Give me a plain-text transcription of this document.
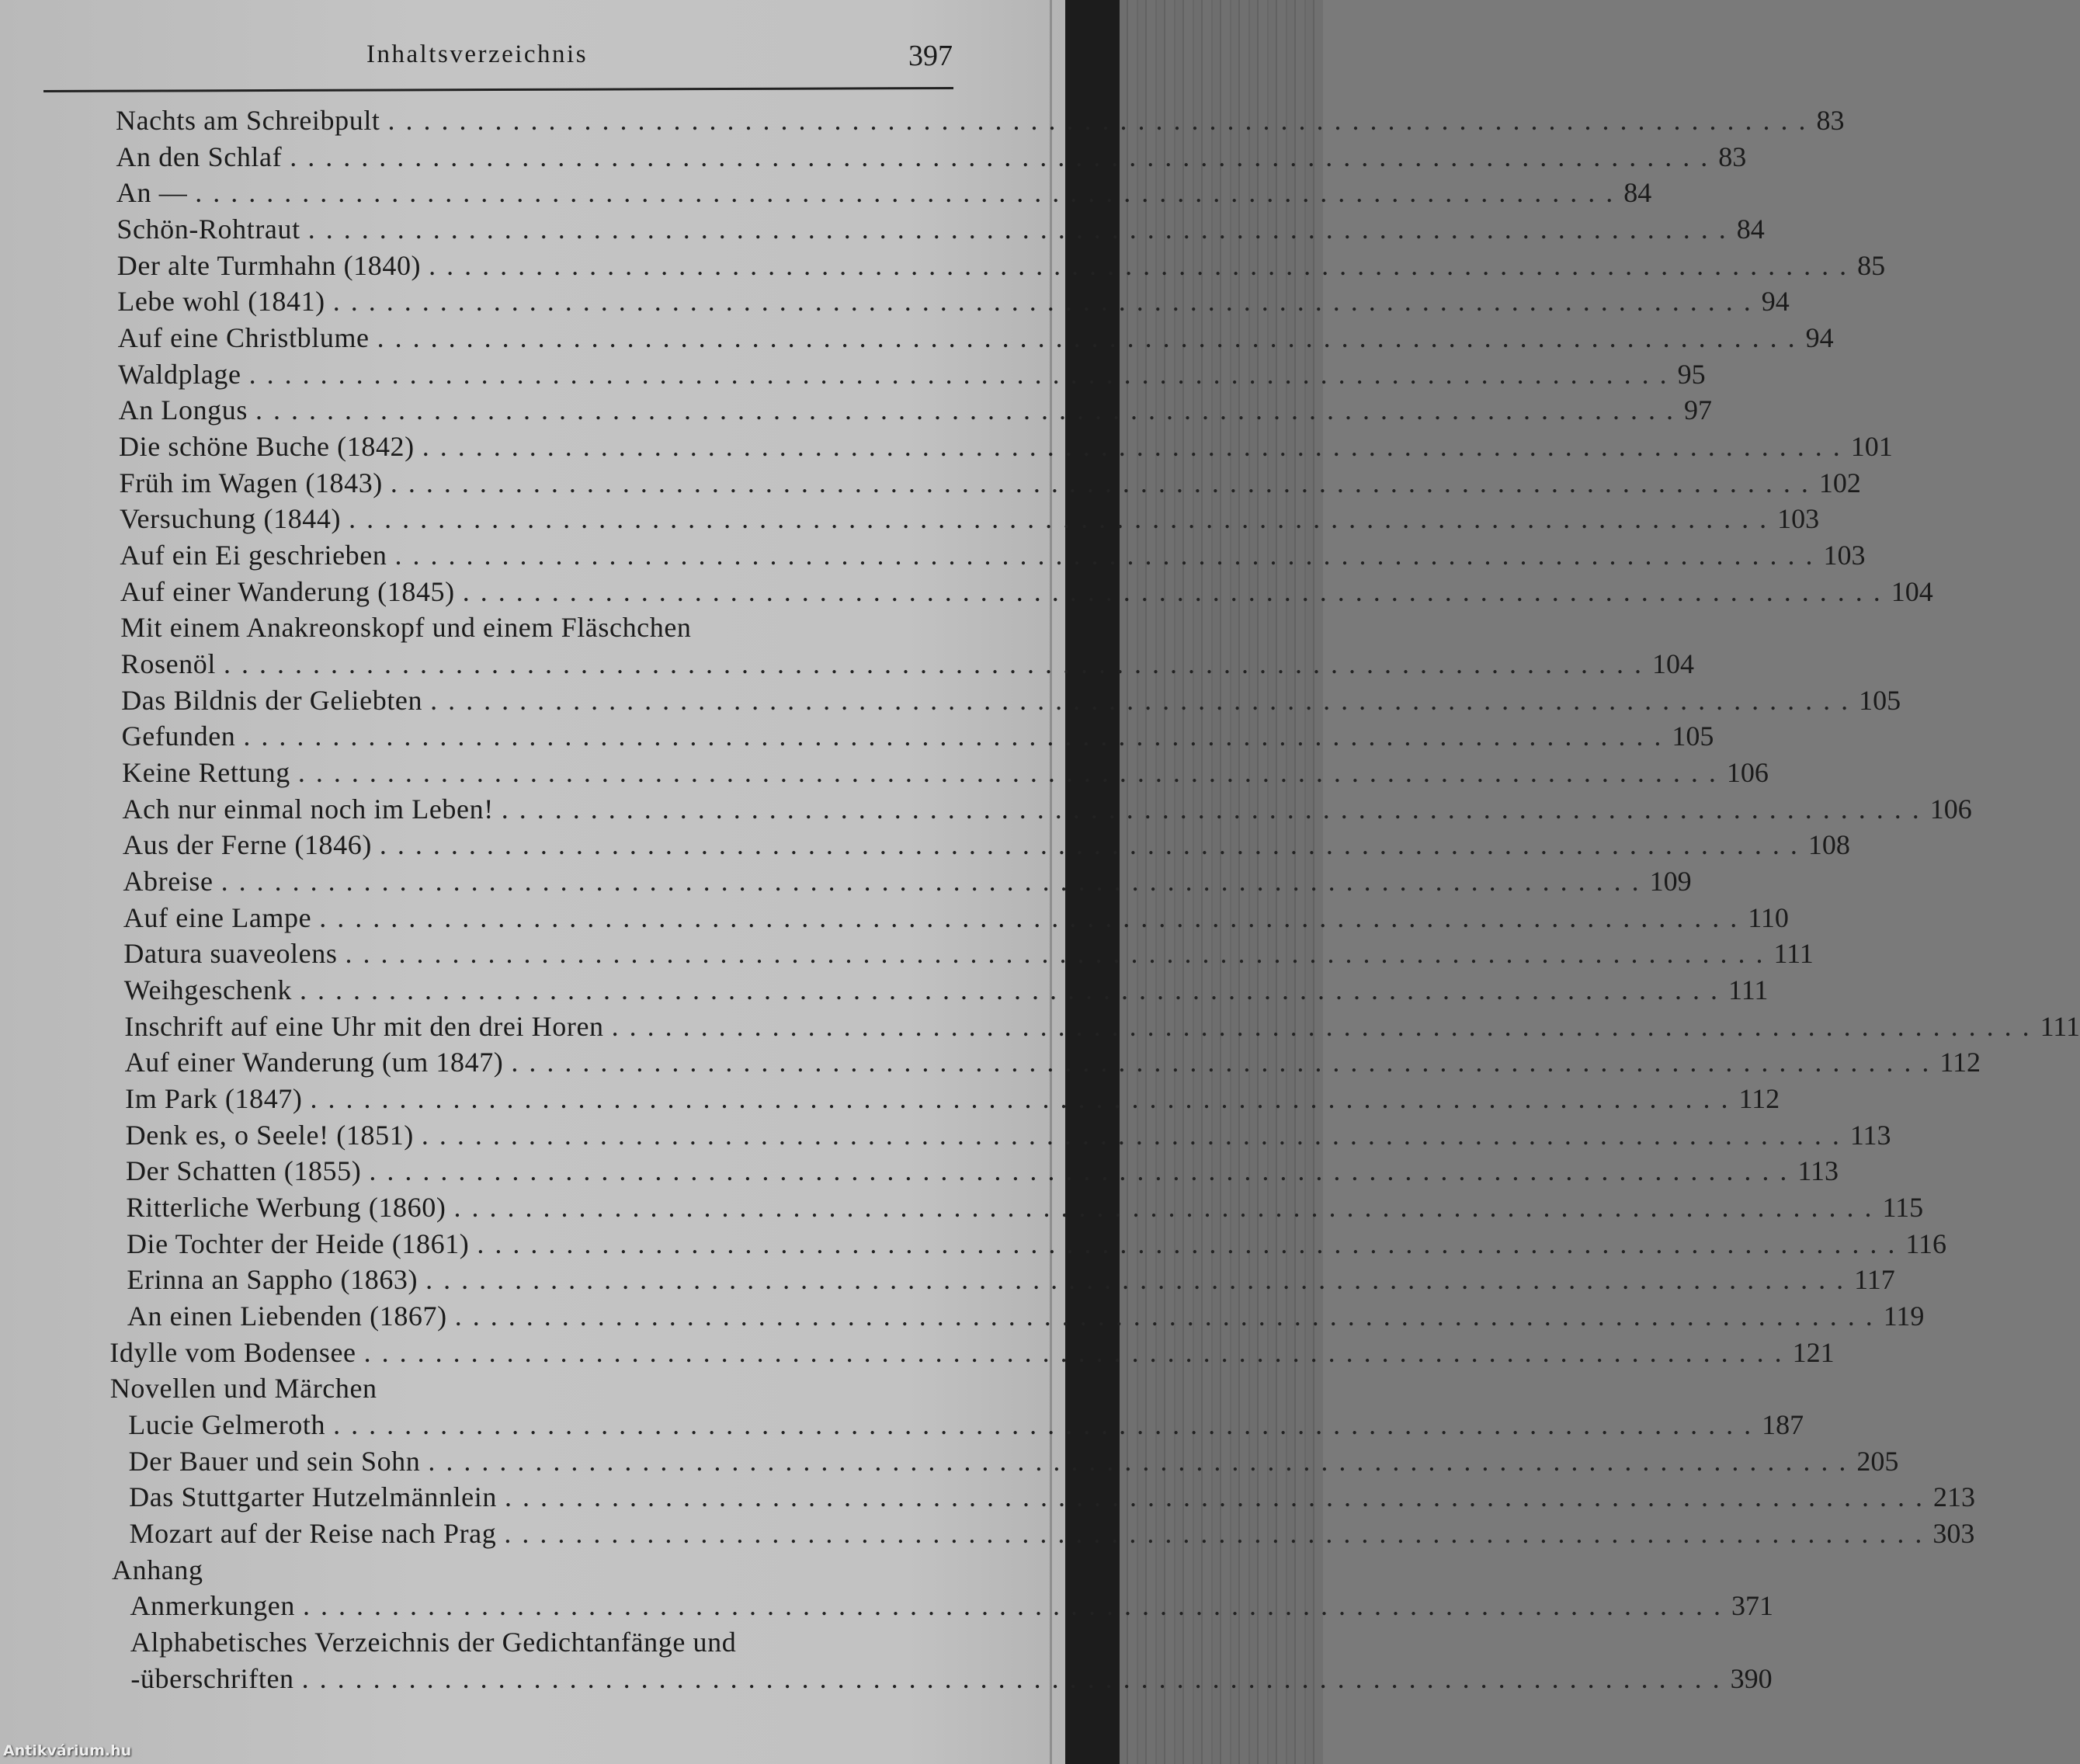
Inhaltsverzeichnis	397
Nachts am Schreibpult ................................................................................ 83
An den Schlaf ................................................................................ 83
An — ................................................................................ 84
Schön-Rohtraut ................................................................................ 84
Der alte Turmhahn (1840) ................................................................................ 85
Lebe wohl (1841) ................................................................................ 94
Auf eine Christblume ................................................................................ 94
Waldplage ................................................................................ 95
An Longus ................................................................................ 97
Die schöne Buche (1842) ................................................................................ 101
Früh im Wagen (1843) ................................................................................ 102
Versuchung (1844) ................................................................................ 103
Auf ein Ei geschrieben ................................................................................ 103
Auf einer Wanderung (1845) ................................................................................ 104
Mit einem Anakreonskopf und einem Fläschchen
Rosenöl ................................................................................ 104
Das Bildnis der Geliebten ................................................................................ 105
Gefunden ................................................................................ 105
Keine Rettung ................................................................................ 106
Ach nur einmal noch im Leben! ................................................................................ 106
Aus der Ferne (1846) ................................................................................ 108
Abreise ................................................................................ 109
Auf eine Lampe ................................................................................ 110
Datura suaveolens ................................................................................ 111
Weihgeschenk ................................................................................ 111
Inschrift auf eine Uhr mit den drei Horen ................................................................................ 111
Auf einer Wanderung (um 1847) ................................................................................ 112
Im Park (1847) ................................................................................ 112
Denk es, o Seele! (1851) ................................................................................ 113
Der Schatten (1855) ................................................................................ 113
Ritterliche Werbung (1860) ................................................................................ 115
Die Tochter der Heide (1861) ................................................................................ 116
Erinna an Sappho (1863) ................................................................................ 117
An einen Liebenden (1867) ................................................................................ 119
Idylle vom Bodensee ................................................................................ 121
Novellen und Märchen
Lucie Gelmeroth ................................................................................ 187
Der Bauer und sein Sohn ................................................................................ 205
Das Stuttgarter Hutzelmännlein ................................................................................ 213
Mozart auf der Reise nach Prag ................................................................................ 303
Anhang
Anmerkungen ................................................................................ 371
Alphabetisches Verzeichnis der Gedichtanfänge und
-überschriften ................................................................................ 390
Antikvárium.hu
